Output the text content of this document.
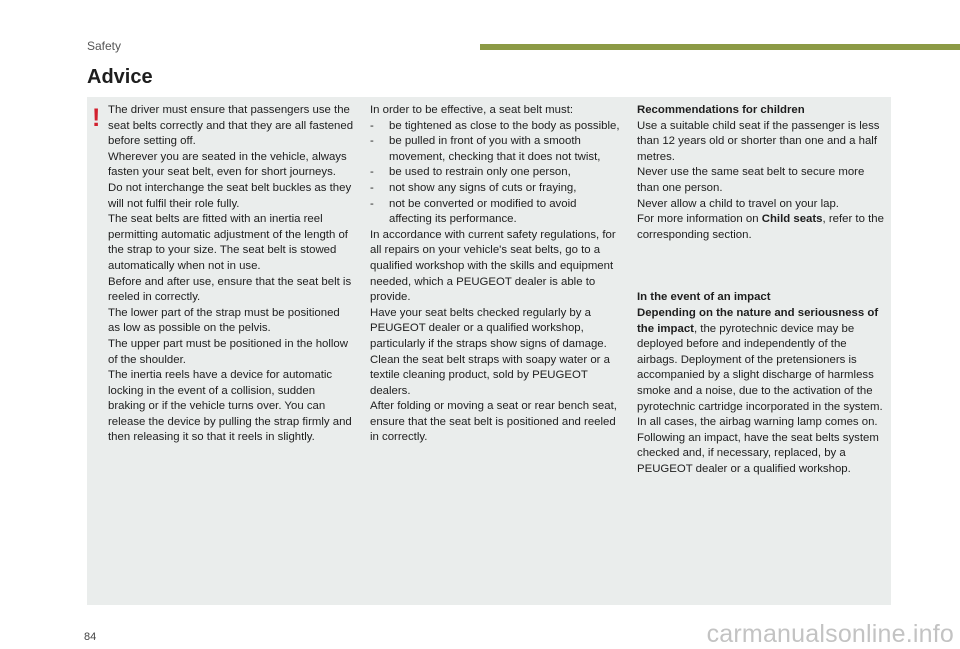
Safety
Advice
! The driver must ensure that passengers use the seat belts correctly and that they are all fastened before setting off.

Wherever you are seated in the vehicle, always fasten your seat belt, even for short journeys.

Do not interchange the seat belt buckles as they will not fulfil their role fully.

The seat belts are fitted with an inertia reel permitting automatic adjustment of the length of the strap to your size. The seat belt is stowed automatically when not in use.

Before and after use, ensure that the seat belt is reeled in correctly.

The lower part of the strap must be positioned as low as possible on the pelvis.

The upper part must be positioned in the hollow of the shoulder.

The inertia reels have a device for automatic locking in the event of a collision, sudden braking or if the vehicle turns over. You can release the device by pulling the strap firmly and then releasing it so that it reels in slightly.

In order to be effective, a seat belt must:

- be tightened as close to the body as possible,
- be pulled in front of you with a smooth movement, checking that it does not twist,
- be used to restrain only one person,
- not show any signs of cuts or fraying,
- not be converted or modified to avoid affecting its performance.

In accordance with current safety regulations, for all repairs on your vehicle's seat belts, go to a qualified workshop with the skills and equipment needed, which a PEUGEOT dealer is able to provide.

Have your seat belts checked regularly by a PEUGEOT dealer or a qualified workshop, particularly if the straps show signs of damage.

Clean the seat belt straps with soapy water or a textile cleaning product, sold by PEUGEOT dealers.

After folding or moving a seat or rear bench seat, ensure that the seat belt is positioned and reeled in correctly.

Recommendations for children

Use a suitable child seat if the passenger is less than 12 years old or shorter than one and a half metres.

Never use the same seat belt to secure more than one person.

Never allow a child to travel on your lap.

For more information on Child seats, refer to the corresponding section.

In the event of an impact

Depending on the nature and seriousness of the impact, the pyrotechnic device may be deployed before and independently of the airbags. Deployment of the pretensioners is accompanied by a slight discharge of harmless smoke and a noise, due to the activation of the pyrotechnic cartridge incorporated in the system.

In all cases, the airbag warning lamp comes on.

Following an impact, have the seat belts system checked and, if necessary, replaced, by a PEUGEOT dealer or a qualified workshop.

84	carmanualsonline.info
